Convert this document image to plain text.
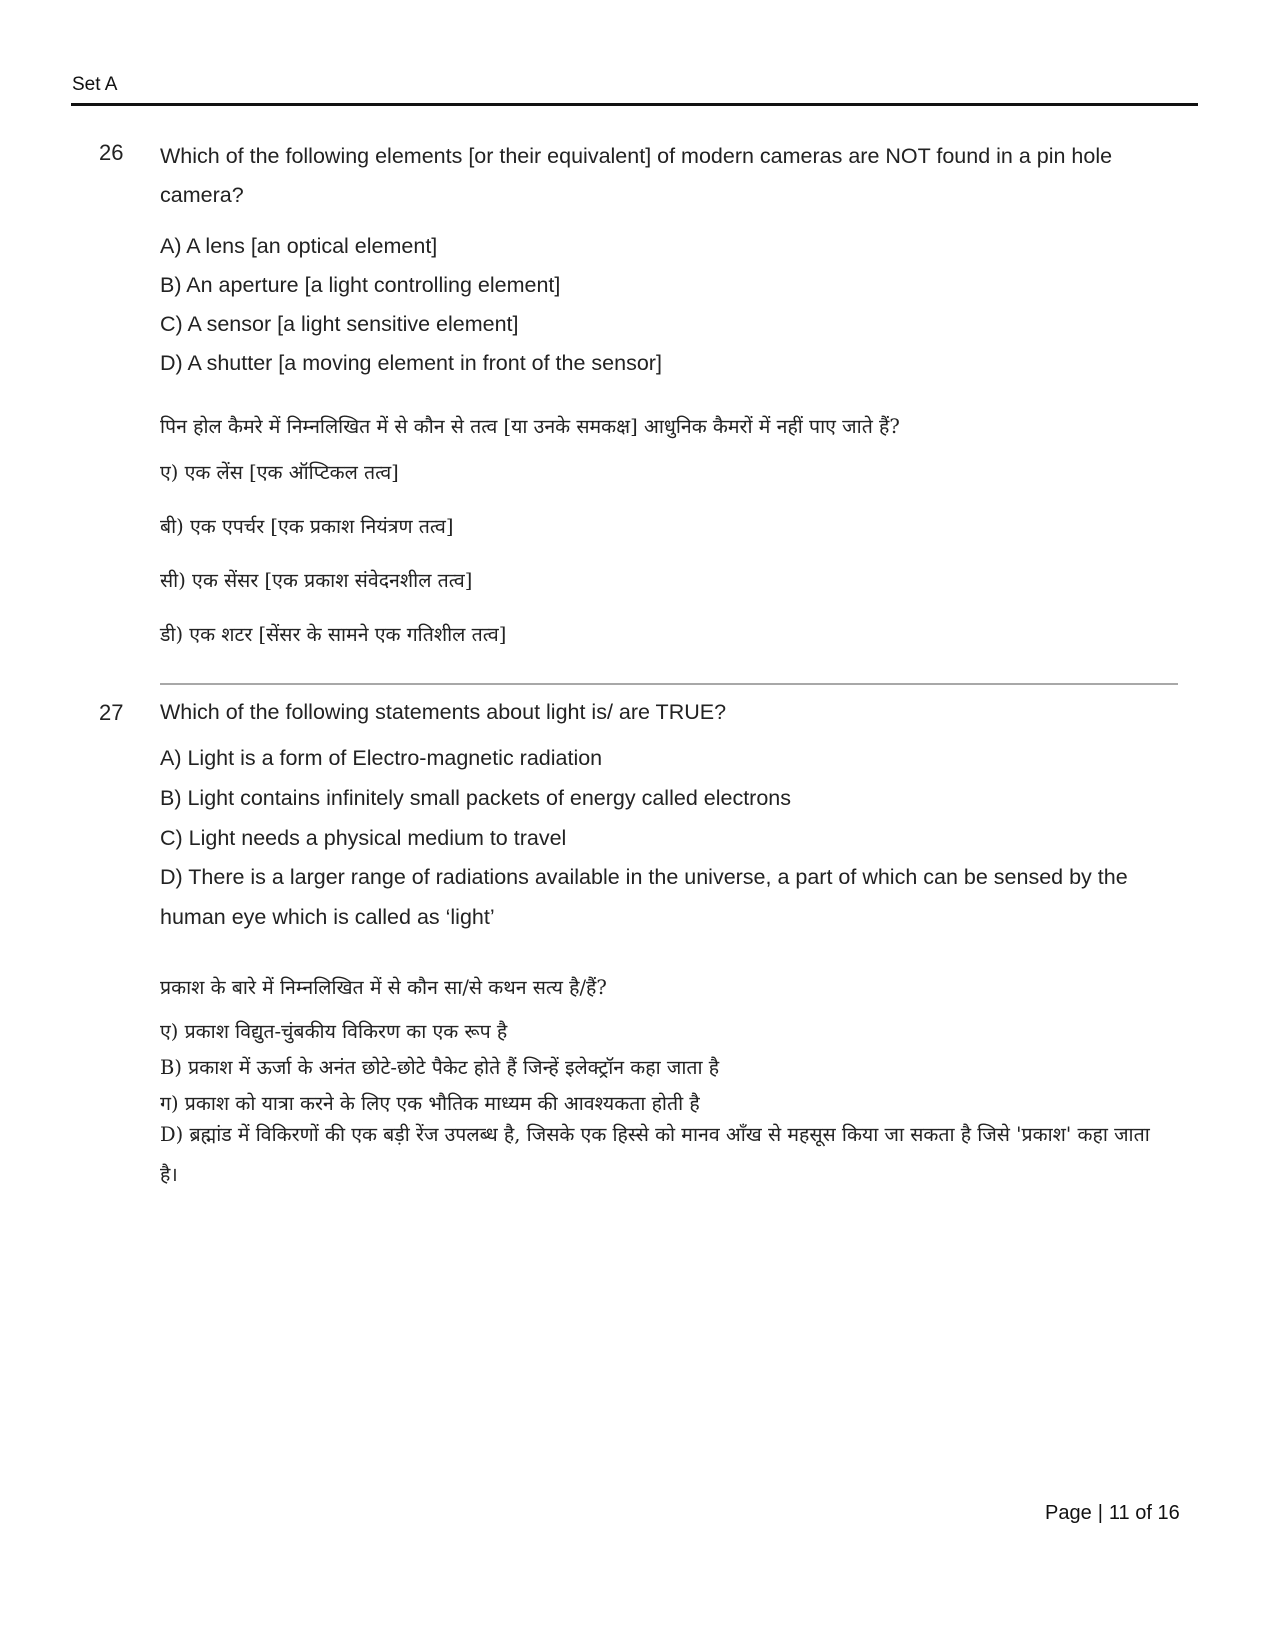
Set A
26 Which of the following elements [or their equivalent] of modern cameras are NOT found in a pin hole camera?

A) A lens [an optical element]
B) An aperture [a light controlling element]
C) A sensor [a light sensitive element]
D) A shutter [a moving element in front of the sensor]
पिन होल कैमरे में निम्नलिखित में से कौन से तत्व [या उनके समकक्ष] आधुनिक कैमरों में नहीं पाए जाते हैं?
ए) एक लेंस [एक ऑप्टिकल तत्व]
बी) एक एपर्चर [एक प्रकाश नियंत्रण तत्व]
सी) एक सेंसर [एक प्रकाश संवेदनशील तत्व]
डी) एक शटर [सेंसर के सामने एक गतिशील तत्व]
27 Which of the following statements about light is/ are TRUE?
A) Light is a form of Electro-magnetic radiation
B) Light contains infinitely small packets of energy called electrons
C) Light needs a physical medium to travel

D) There is a larger range of radiations available in the universe, a part of which can be sensed by the human eye which is called as ‘light’

प्रकाश के बारे में निम्नलिखित में से कौन सा/से कथन सत्य है/हैं?
ए) प्रकाश विद्युत-चुंबकीय विकिरण का एक रूप है
B) प्रकाश में ऊर्जा के अनंत छोटे-छोटे पैकेट होते हैं जिन्हें इलेक्ट्रॉन कहा जाता है
ग) प्रकाश को यात्रा करने के लिए एक भौतिक माध्यम की आवश्यकता होती है
D) ब्रह्मांड में विकिरणों की एक बड़ी रेंज उपलब्ध है, जिसके एक हिस्से को मानव आँख से महसूस किया जा सकता है जिसे 'प्रकाश' कहा जाता है।
Page | 11 of 16
